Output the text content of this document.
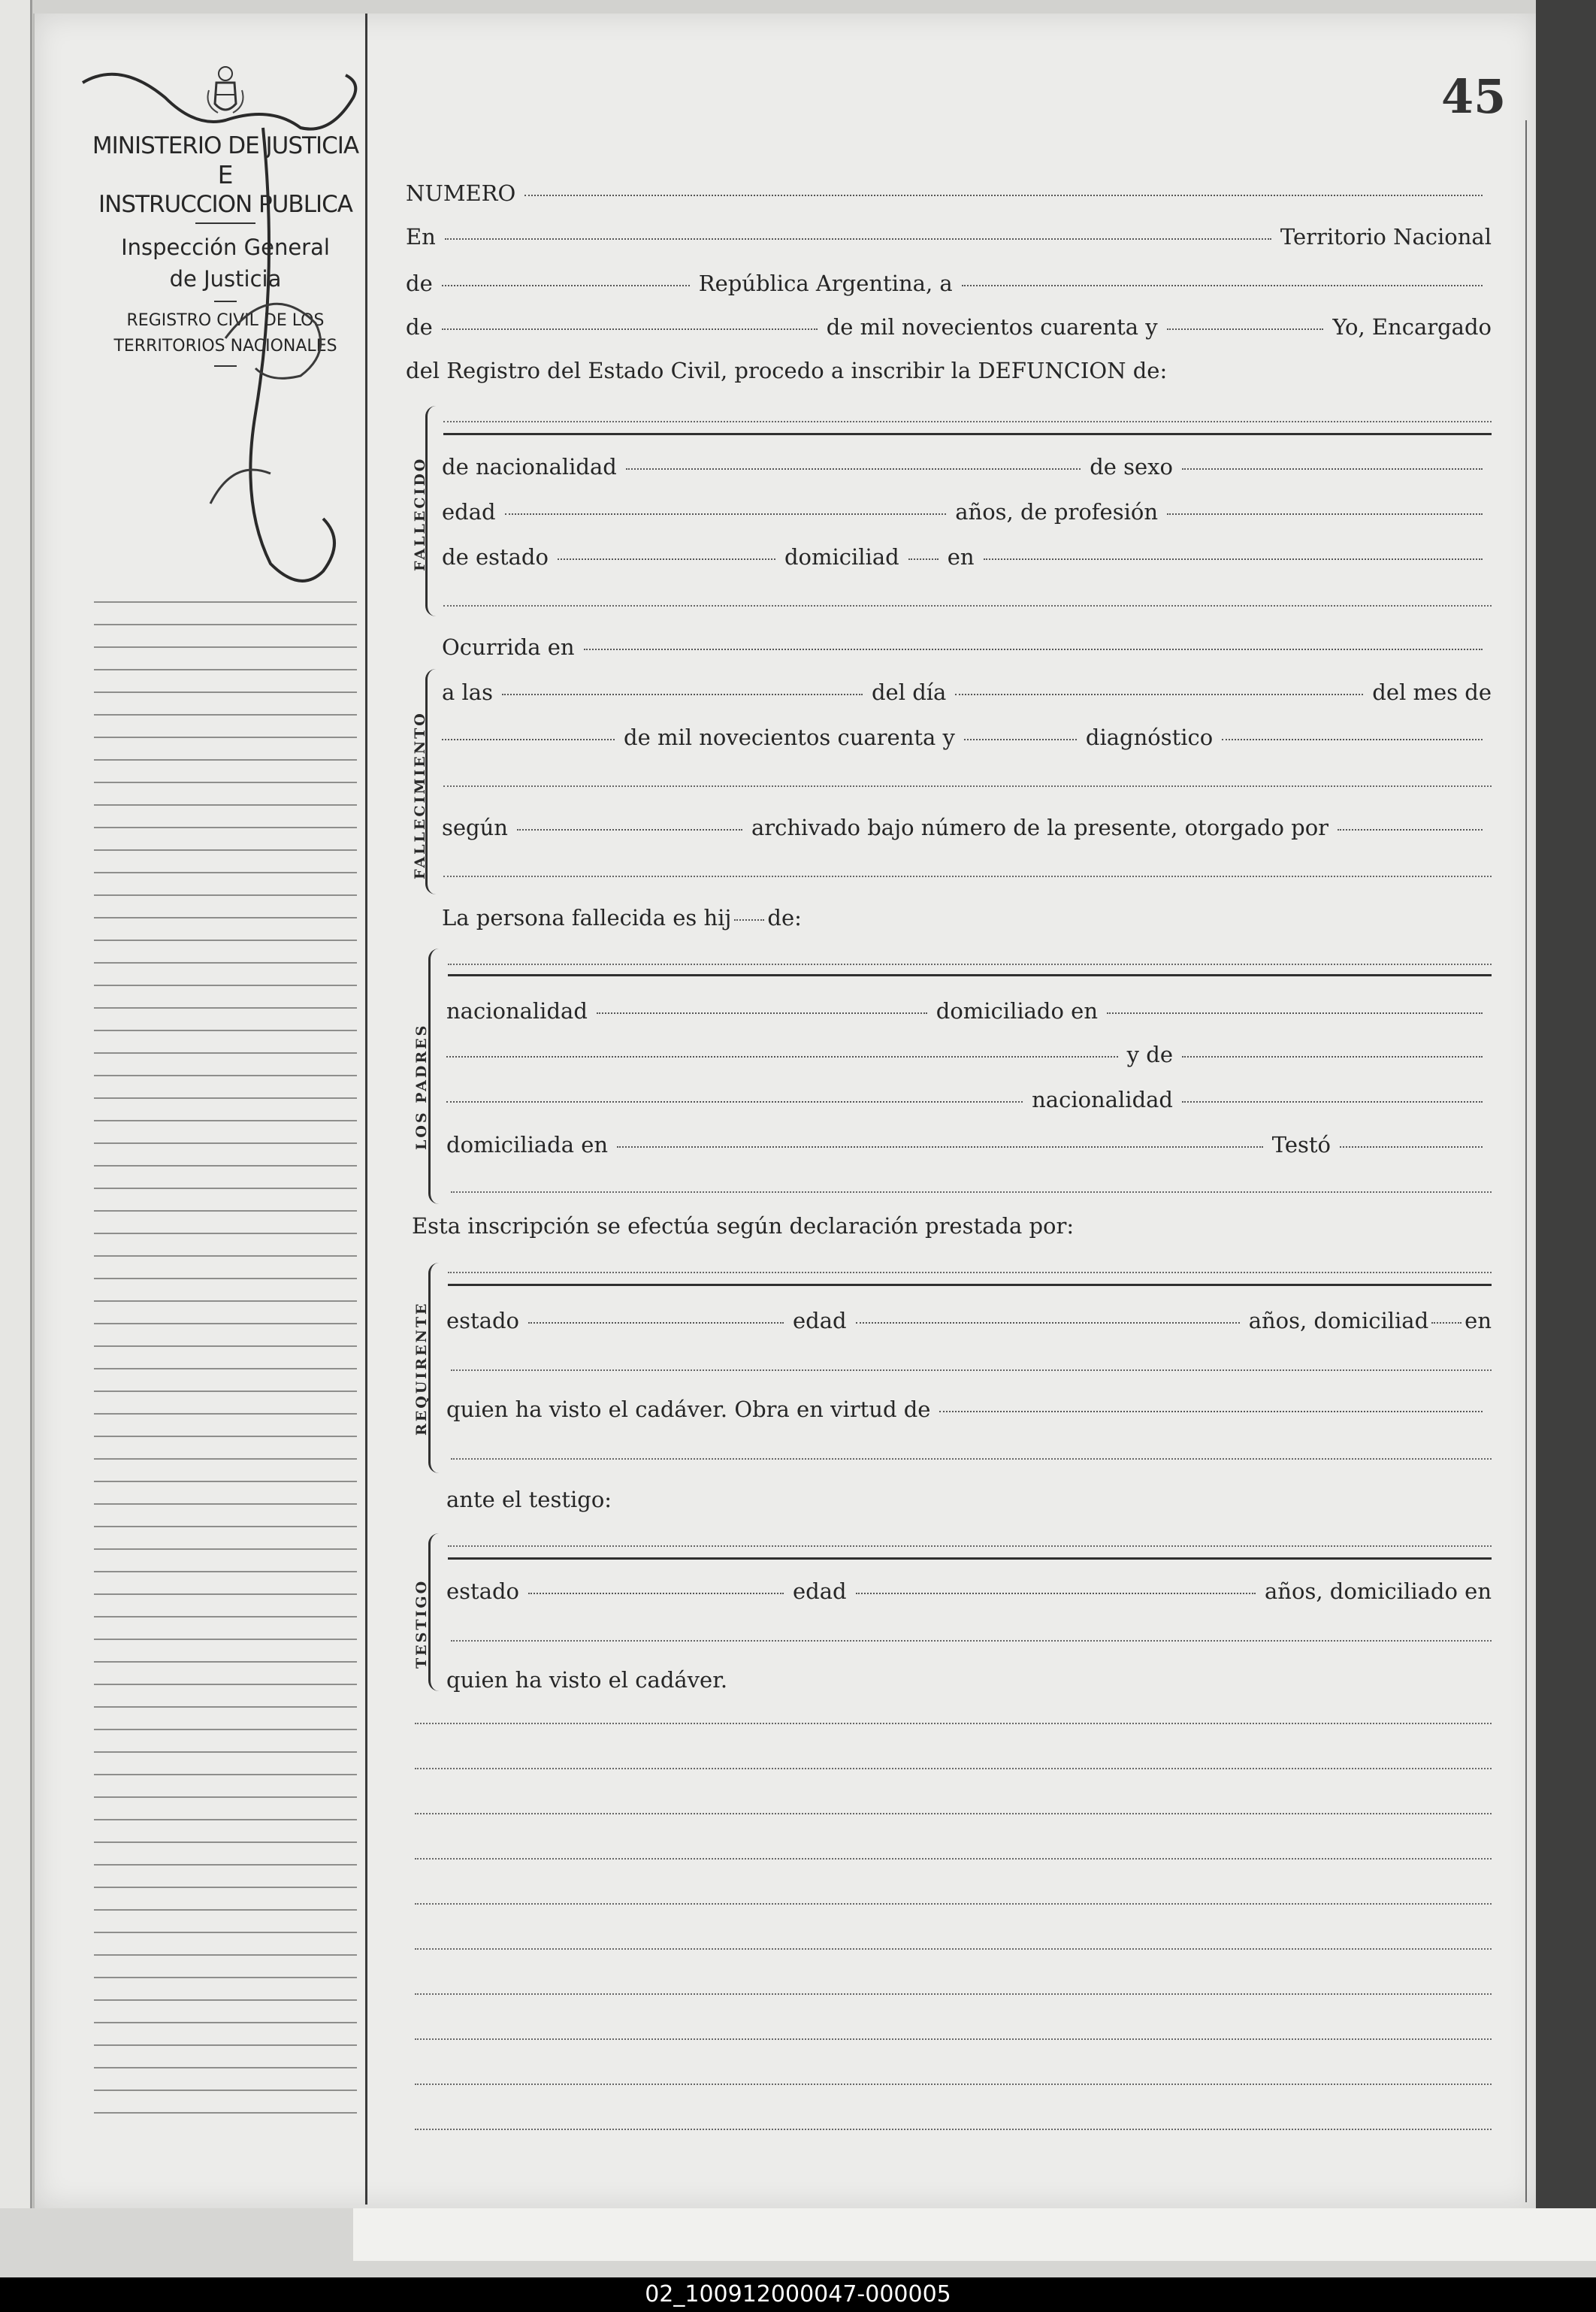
MINISTERIO DE JUSTICIA
E
INSTRUCCION PUBLICA
Inspección General
de Justicia
REGISTRO CIVIL DE LOS
TERRITORIOS NACIONALES
45
NUMERO
En	Territorio Nacional
de	República Argentina, a
de	de mil novecientos cuarenta y	Yo, Encargado
del Registro del Estado Civil, procedo a inscribir la DEFUNCION de:
FALLECIDO de nacionalidad	de sexo
edad	años, de profesión
de estado	domiciliad en
Ocurrida en
FALLECIMIENTO
a las	del día	del mes de
de mil novecientos cuarenta y	diagnóstico
según	archivado bajo número de la presente, otorgado por
La persona fallecida es hij de:
LOS PADRES
nacionalidad	domiciliado en
y de
nacionalidad
domiciliada en	Testó
Esta inscripción se efectúa según declaración prestada por:
REQUIRENTE estado	edad	años, domiciliad en
quien ha visto el cadáver. Obra en virtud de
ante el testigo:
TESTIGO estado	edad	años, domiciliado en
quien ha visto el cadáver.
02_100912000047-000005
